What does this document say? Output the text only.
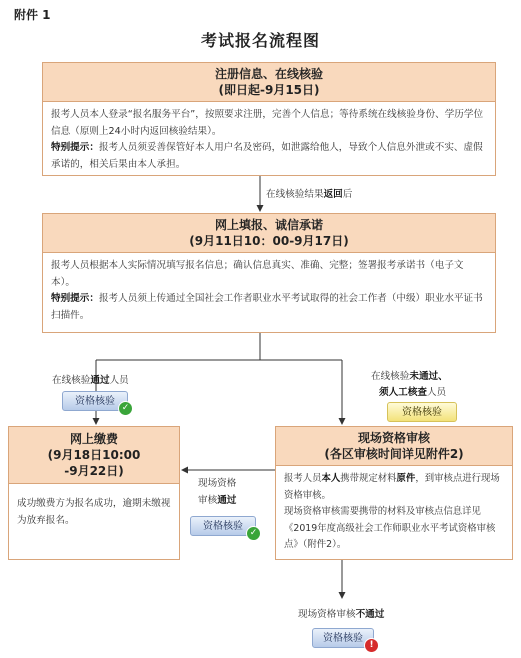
附件 1
考试报名流程图
注册信息、在线核验
(即日起-9月15日)
报考人员本人登录“报名服务平台”，按照要求注册，完善个人信息；等待系统在线核验身份、学历学位信息（原则上24小时内返回核验结果）。
特别提示：报考人员须妥善保管好本人用户名及密码，如泄露给他人，导致个人信息外泄或不实、虚假承诺的，相关后果由本人承担。
在线核验结果返回后
网上填报、诚信承诺
(9月11日10：00-9月17日)
报考人员根据本人实际情况填写报名信息；确认信息真实、准确、完整；签署报考承诺书（电子文本）。
特别提示：报考人员须上传通过全国社会工作者职业水平考试取得的社会工作者（中级）职业水平证书扫描件。
在线核验通过人员
资格核验
✓
在线核验未通过、
须人工核查人员
资格核验
网上缴费
(9月18日10:00
-9月22日)
成功缴费方为报名成功，逾期未缴视为放弃报名。
现场资格
审核通过
资格核验
✓
现场资格审核
(各区审核时间详见附件2)
报考人员本人携带规定材料原件，到审核点进行现场资格审核。
现场资格审核需要携带的材料及审核点信息详见《2019年度高级社会工作师职业水平考试资格审核点》（附件2）。
现场资格审核不通过
资格核验
!
